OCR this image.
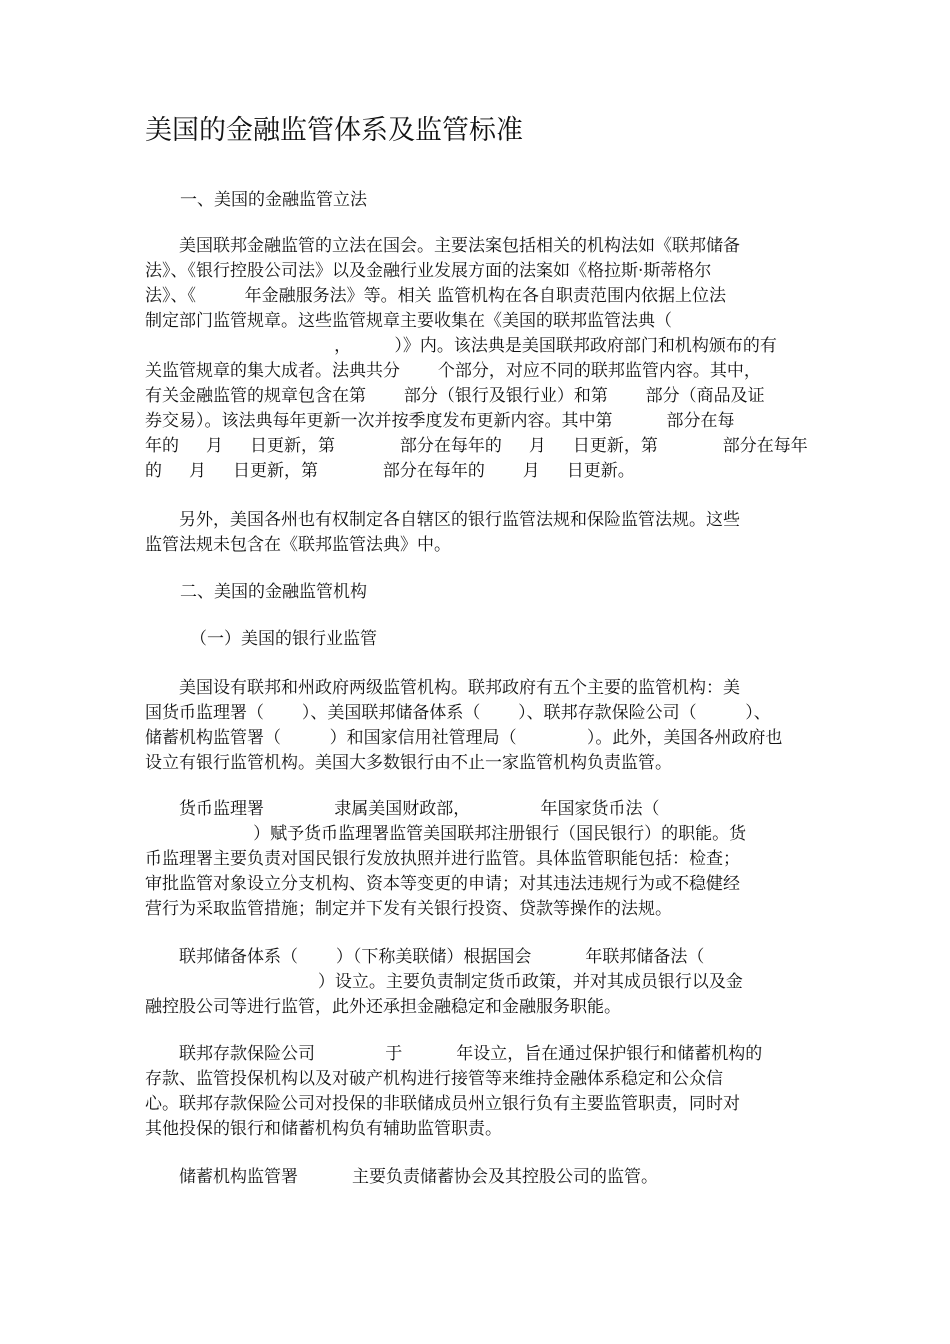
美国的金融监管体系及监管标准
一、美国的金融监管立法
美国联邦金融监管的立法在国会。主要法案包括相关的机构法如《联邦储备
法》、《银行控股公司法》以及金融行业发展方面的法案如《格拉斯·斯蒂格尔
法》、《         年金融服务法》等。相关 监管机构在各自职责范围内依据上位法
制定部门监管规章。这些监管规章主要收集在《美国的联邦监管法典（
，        ）》内。该法典是美国联邦政府部门和机构颁布的有
关监管规章的集大成者。法典共分       个部分，对应不同的联邦监管内容。其中，
有关金融监管的规章包含在第       部分（银行及银行业）和第       部分（商品及证
券交易）。该法典每年更新一次并按季度发布更新内容。其中第          部分在每
年的     月     日更新，第            部分在每年的     月     日更新，第            部分在每年
的     月     日更新，第            部分在每年的       月     日更新。
另外，美国各州也有权制定各自辖区的银行监管法规和保险监管法规。这些
监管法规未包含在《联邦监管法典》中。
二、美国的金融监管机构
（一）美国的银行业监管
美国设有联邦和州政府两级监管机构。联邦政府有五个主要的监管机构：美
国货币监理署（       ）、美国联邦储备体系（       ）、联邦存款保险公司（         ）、
储蓄机构监管署（         ）和国家信用社管理局（             ）。此外，美国各州政府也
设立有银行监管机构。美国大多数银行由不止一家监管机构负责监管。
货币监理署             隶属美国财政部，             年国家货币法（
）赋予货币监理署监管美国联邦注册银行（国民银行）的职能。货
币监理署主要负责对国民银行发放执照并进行监管。具体监管职能包括：检查；
审批监管对象设立分支机构、资本等变更的申请；对其违法违规行为或不稳健经
营行为采取监管措施；制定并下发有关银行投资、贷款等操作的法规。
联邦储备体系（       ）（下称美联储）根据国会          年联邦储备法（
）设立。主要负责制定货币政策，并对其成员银行以及金
融控股公司等进行监管，此外还承担金融稳定和金融服务职能。
联邦存款保险公司             于          年设立，旨在通过保护银行和储蓄机构的
存款、监管投保机构以及对破产机构进行接管等来维持金融体系稳定和公众信
心。联邦存款保险公司对投保的非联储成员州立银行负有主要监管职责，同时对
其他投保的银行和储蓄机构负有辅助监管职责。
储蓄机构监管署          主要负责储蓄协会及其控股公司的监管。
